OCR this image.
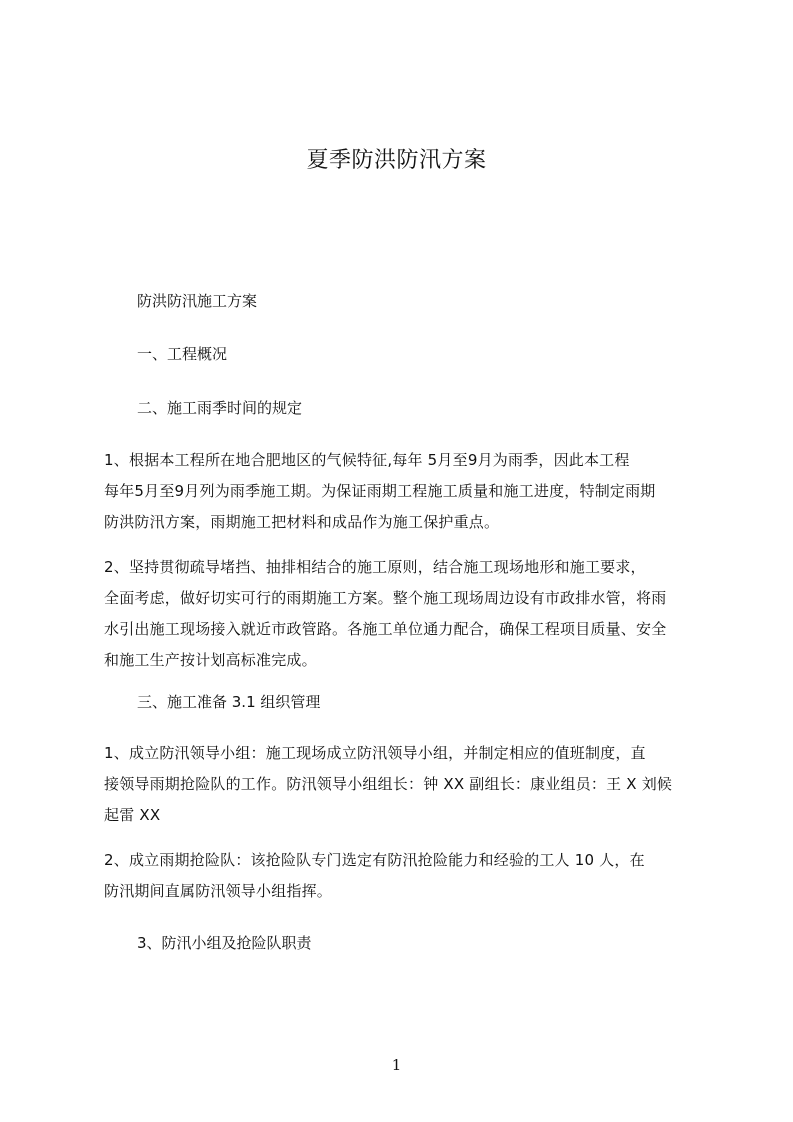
夏季防洪防汛方案
防洪防汛施工方案
一、工程概况
二、施工雨季时间的规定
1、根据本工程所在地合肥地区的气候特征,每年 5月至9月为雨季，因此本工程
每年5月至9月列为雨季施工期。为保证雨期工程施工质量和施工进度，特制定雨期
防洪防汛方案，雨期施工把材料和成品作为施工保护重点。
2、坚持贯彻疏导堵挡、抽排相结合的施工原则，结合施工现场地形和施工要求，
全面考虑，做好切实可行的雨期施工方案。整个施工现场周边设有市政排水管，将雨
水引出施工现场接入就近市政管路。各施工单位通力配合，确保工程项目质量、安全
和施工生产按计划高标准完成。
三、施工准备 3.1 组织管理
1、成立防汛领导小组：施工现场成立防汛领导小组，并制定相应的值班制度，直
接领导雨期抢险队的工作。防汛领导小组组长：钟 XX 副组长：康业组员：王 X 刘候
起雷 XX
2、成立雨期抢险队：该抢险队专门选定有防汛抢险能力和经验的工人 10 人，在
防汛期间直属防汛领导小组指挥。
3、防汛小组及抢险队职责
1
